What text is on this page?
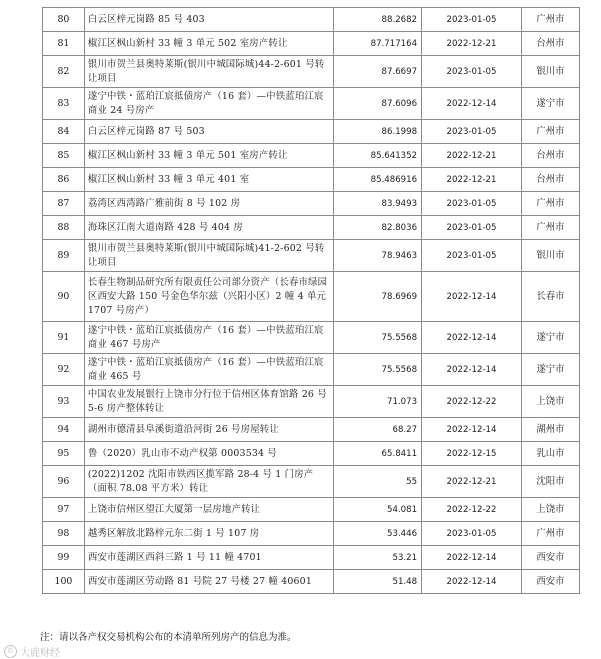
80	白云区梓元岗路 85 号 403	88.2682	2023-01-05	广州市
81	椒江区枫山新村 33 幢 3 单元 502 室房产转让	87.717164	2022-12-21	台州市
82	银川市贺兰县奥特莱斯(银川中城国际城)44-2-601 号转让项目	87.6697	2023-01-05	银川市
83	遂宁中铁・蓝珀江宸抵债房产（16 套）—中铁蓝珀江宸商业 24 号房产	87.6096	2022-12-14	遂宁市
84	白云区梓元岗路 87 号 503	86.1998	2023-01-05	广州市
85	椒江区枫山新村 33 幢 3 单元 501 室房产转让	85.641352	2022-12-21	台州市
86	椒江区枫山新村 33 幢 3 单元 401 室	85.486916	2022-12-21	台州市
87	荔湾区西湾路广雅前街 8 号 102 房	83.9493	2023-01-05	广州市
88	海珠区江南大道南路 428 号 404 房	82.8036	2023-01-05	广州市
89	银川市贺兰县奥特莱斯(银川中城国际城)41-2-602 号转让项目	78.9463	2023-01-05	银川市
90	长春生物制品研究所有限责任公司部分资产（长春市绿园区西安大路 150 号金色华尔兹（兴阳小区）2 幢 4 单元 1707 号房产）	78.6969	2022-12-14	长春市
91	遂宁中铁・蓝珀江宸抵债房产（16 套）—中铁蓝珀江宸商业 467 号房产	75.5568	2022-12-14	遂宁市
92	遂宁中铁・蓝珀江宸抵债房产（16 套）—中铁蓝珀江宸商业 465 号	75.5568	2022-12-14	遂宁市
93	中国农业发展银行上饶市分行位于信州区体育馆路 26 号 5-6 房产整体转让	71.073	2022-12-22	上饶市
94	湖州市德清县阜溪街道沿河街 26 号房屋转让	68.27	2022-12-14	湖州市
95	鲁（2020）乳山市不动产权第 0003534 号	65.8411	2022-12-15	乳山市
96	(2022)1202 沈阳市铁西区揽军路 28-4 号 1 门房产（面积 78.08 平方米）转让	55	2022-12-21	沈阳市
97	上饶市信州区望江大厦第一层房地产转让	54.081	2022-12-22	上饶市
98	越秀区解放北路梓元东二街 1 号 107 房	53.446	2023-01-05	广州市
99	西安市莲湖区西斜三路 1 号 11 幢 4701	53.21	2022-12-14	西安市
100	西安市莲湖区劳动路 81 号院 27 号楼 27 幢 40601	51.48	2022-12-14	西安市
注：请以各产权交易机构公布的本清单所列房产的信息为准。
© 大鹿财经
